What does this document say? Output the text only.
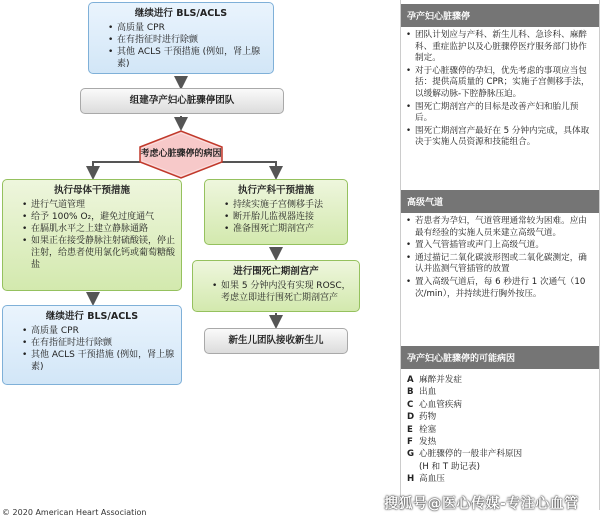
继续进行 BLS/ACLS
• 高质量 CPR
• 在有指征时进行除颤
• 其他 ACLS 干预措施 (例如，肾上腺素)
组建孕产妇心脏骤停团队
考虑心脏骤停的病因
执行母体干预措施
• 进行气道管理
• 给予 100% O₂，避免过度通气
• 在膈肌水平之上建立静脉通路
• 如果正在接受静脉注射硫酸镁，停止注射，给患者使用氯化钙或葡萄糖酸盐
执行产科干预措施
• 持续实施子宫侧移手法
• 断开胎儿监视器连接
• 准备围死亡期剖宫产
进行围死亡期剖宫产
• 如果 5 分钟内没有实现 ROSC，考虑立即进行围死亡期剖宫产
继续进行 BLS/ACLS
• 高质量 CPR
• 在有指征时进行除颤
• 其他 ACLS 干预措施 (例如，肾上腺素)
新生儿团队接收新生儿
© 2020 American Heart Association
孕产妇心脏骤停
• 团队计划应与产科、新生儿科、急诊科、麻醉科、重症监护以及心脏骤停医疗服务部门协作制定。
• 对于心脏骤停的孕妇，优先考虑的事项应当包括：提供高质量的 CPR；实施子宫侧移手法，以缓解动脉-下腔静脉压迫。
• 围死亡期剖宫产的目标是改善产妇和胎儿预后。
• 围死亡期剖宫产最好在 5 分钟内完成，具体取决于实施人员资源和技能组合。
高级气道
• 若患者为孕妇，气道管理通常较为困难。应由最有经验的实施人员来建立高级气道。
• 置入气管插管或声门上高级气道。
• 通过描记二氧化碳波形图或二氧化碳测定，确认并监测气管插管的放置
• 置入高级气道后，每 6 秒进行 1 次通气（10 次/min），并持续进行胸外按压。
孕产妇心脏骤停的可能病因
A 麻醉并发症
B 出血
C 心血管疾病
D 药物
E 栓塞
F 发热
G 心脏骤停的一般非产科原因
(H 和 T 助记表)
H 高血压
搜狐号@医心传媒-专注心血管
